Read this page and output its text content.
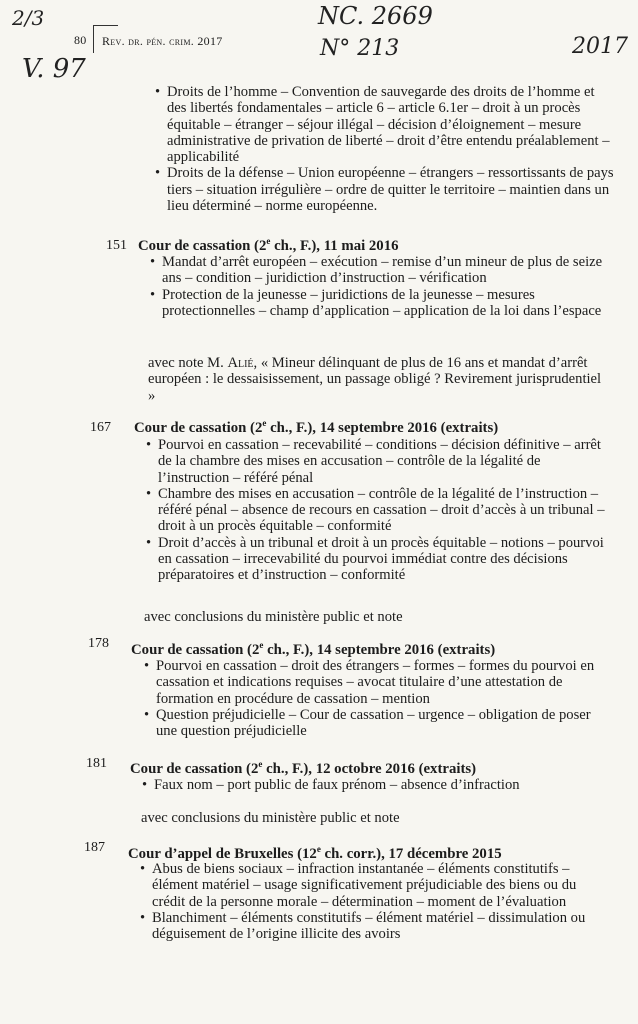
2/3
V. 97
NC. 2669
N° 213	2017
80 Rev. dr. pén. crim. 2017
• Droits de l’homme – Convention de sauvegarde des droits de l’homme et des libertés fondamentales – article 6 – article 6.1er – droit à un procès équitable – étranger – séjour illégal – décision d’éloignement – mesure administrative de privation de liberté – droit d’être entendu préalablement – applicabilité
• Droits de la défense – Union européenne – étrangers – ressortissants de pays tiers – situation irrégulière – ordre de quitter le territoire – maintien dans un lieu déterminé – norme européenne.
151 Cour de cassation (2e ch., F.), 11 mai 2016
• Mandat d’arrêt européen – exécution – remise d’un mineur de plus de seize ans – condition – juridiction d’instruction – vérification
• Protection de la jeunesse – juridictions de la jeunesse – mesures protectionnelles – champ d’application – application de la loi dans l’espace
avec note M. Alié, « Mineur délinquant de plus de 16 ans et mandat d’arrêt européen : le dessaisissement, un passage obligé ? Revirement jurisprudentiel »
167 Cour de cassation (2e ch., F.), 14 septembre 2016 (extraits)
• Pourvoi en cassation – recevabilité – conditions – décision définitive – arrêt de la chambre des mises en accusation – contrôle de la légalité de l’instruction – référé pénal
• Chambre des mises en accusation – contrôle de la légalité de l’instruction – référé pénal – absence de recours en cassation – droit d’accès à un tribunal – droit à un procès équitable – conformité
• Droit d’accès à un tribunal et droit à un procès équitable – notions – pourvoi en cassation – irrecevabilité du pourvoi immédiat contre des décisions préparatoires et d’instruction – conformité
avec conclusions du ministère public et note
178 Cour de cassation (2e ch., F.), 14 septembre 2016 (extraits)
• Pourvoi en cassation – droit des étrangers – formes – formes du pourvoi en cassation et indications requises – avocat titulaire d’une attestation de formation en procédure de cassation – mention
• Question préjudicielle – Cour de cassation – urgence – obligation de poser une question préjudicielle
181 Cour de cassation (2e ch., F.), 12 octobre 2016 (extraits)
• Faux nom – port public de faux prénom – absence d’infraction
avec conclusions du ministère public et note
187 Cour d’appel de Bruxelles (12e ch. corr.), 17 décembre 2015
• Abus de biens sociaux – infraction instantanée – éléments constitutifs – élément matériel – usage significativement préjudiciable des biens ou du crédit de la personne morale – détermination – moment de l’évaluation
• Blanchiment – éléments constitutifs – élément matériel – dissimulation ou déguisement de l’origine illicite des avoirs
